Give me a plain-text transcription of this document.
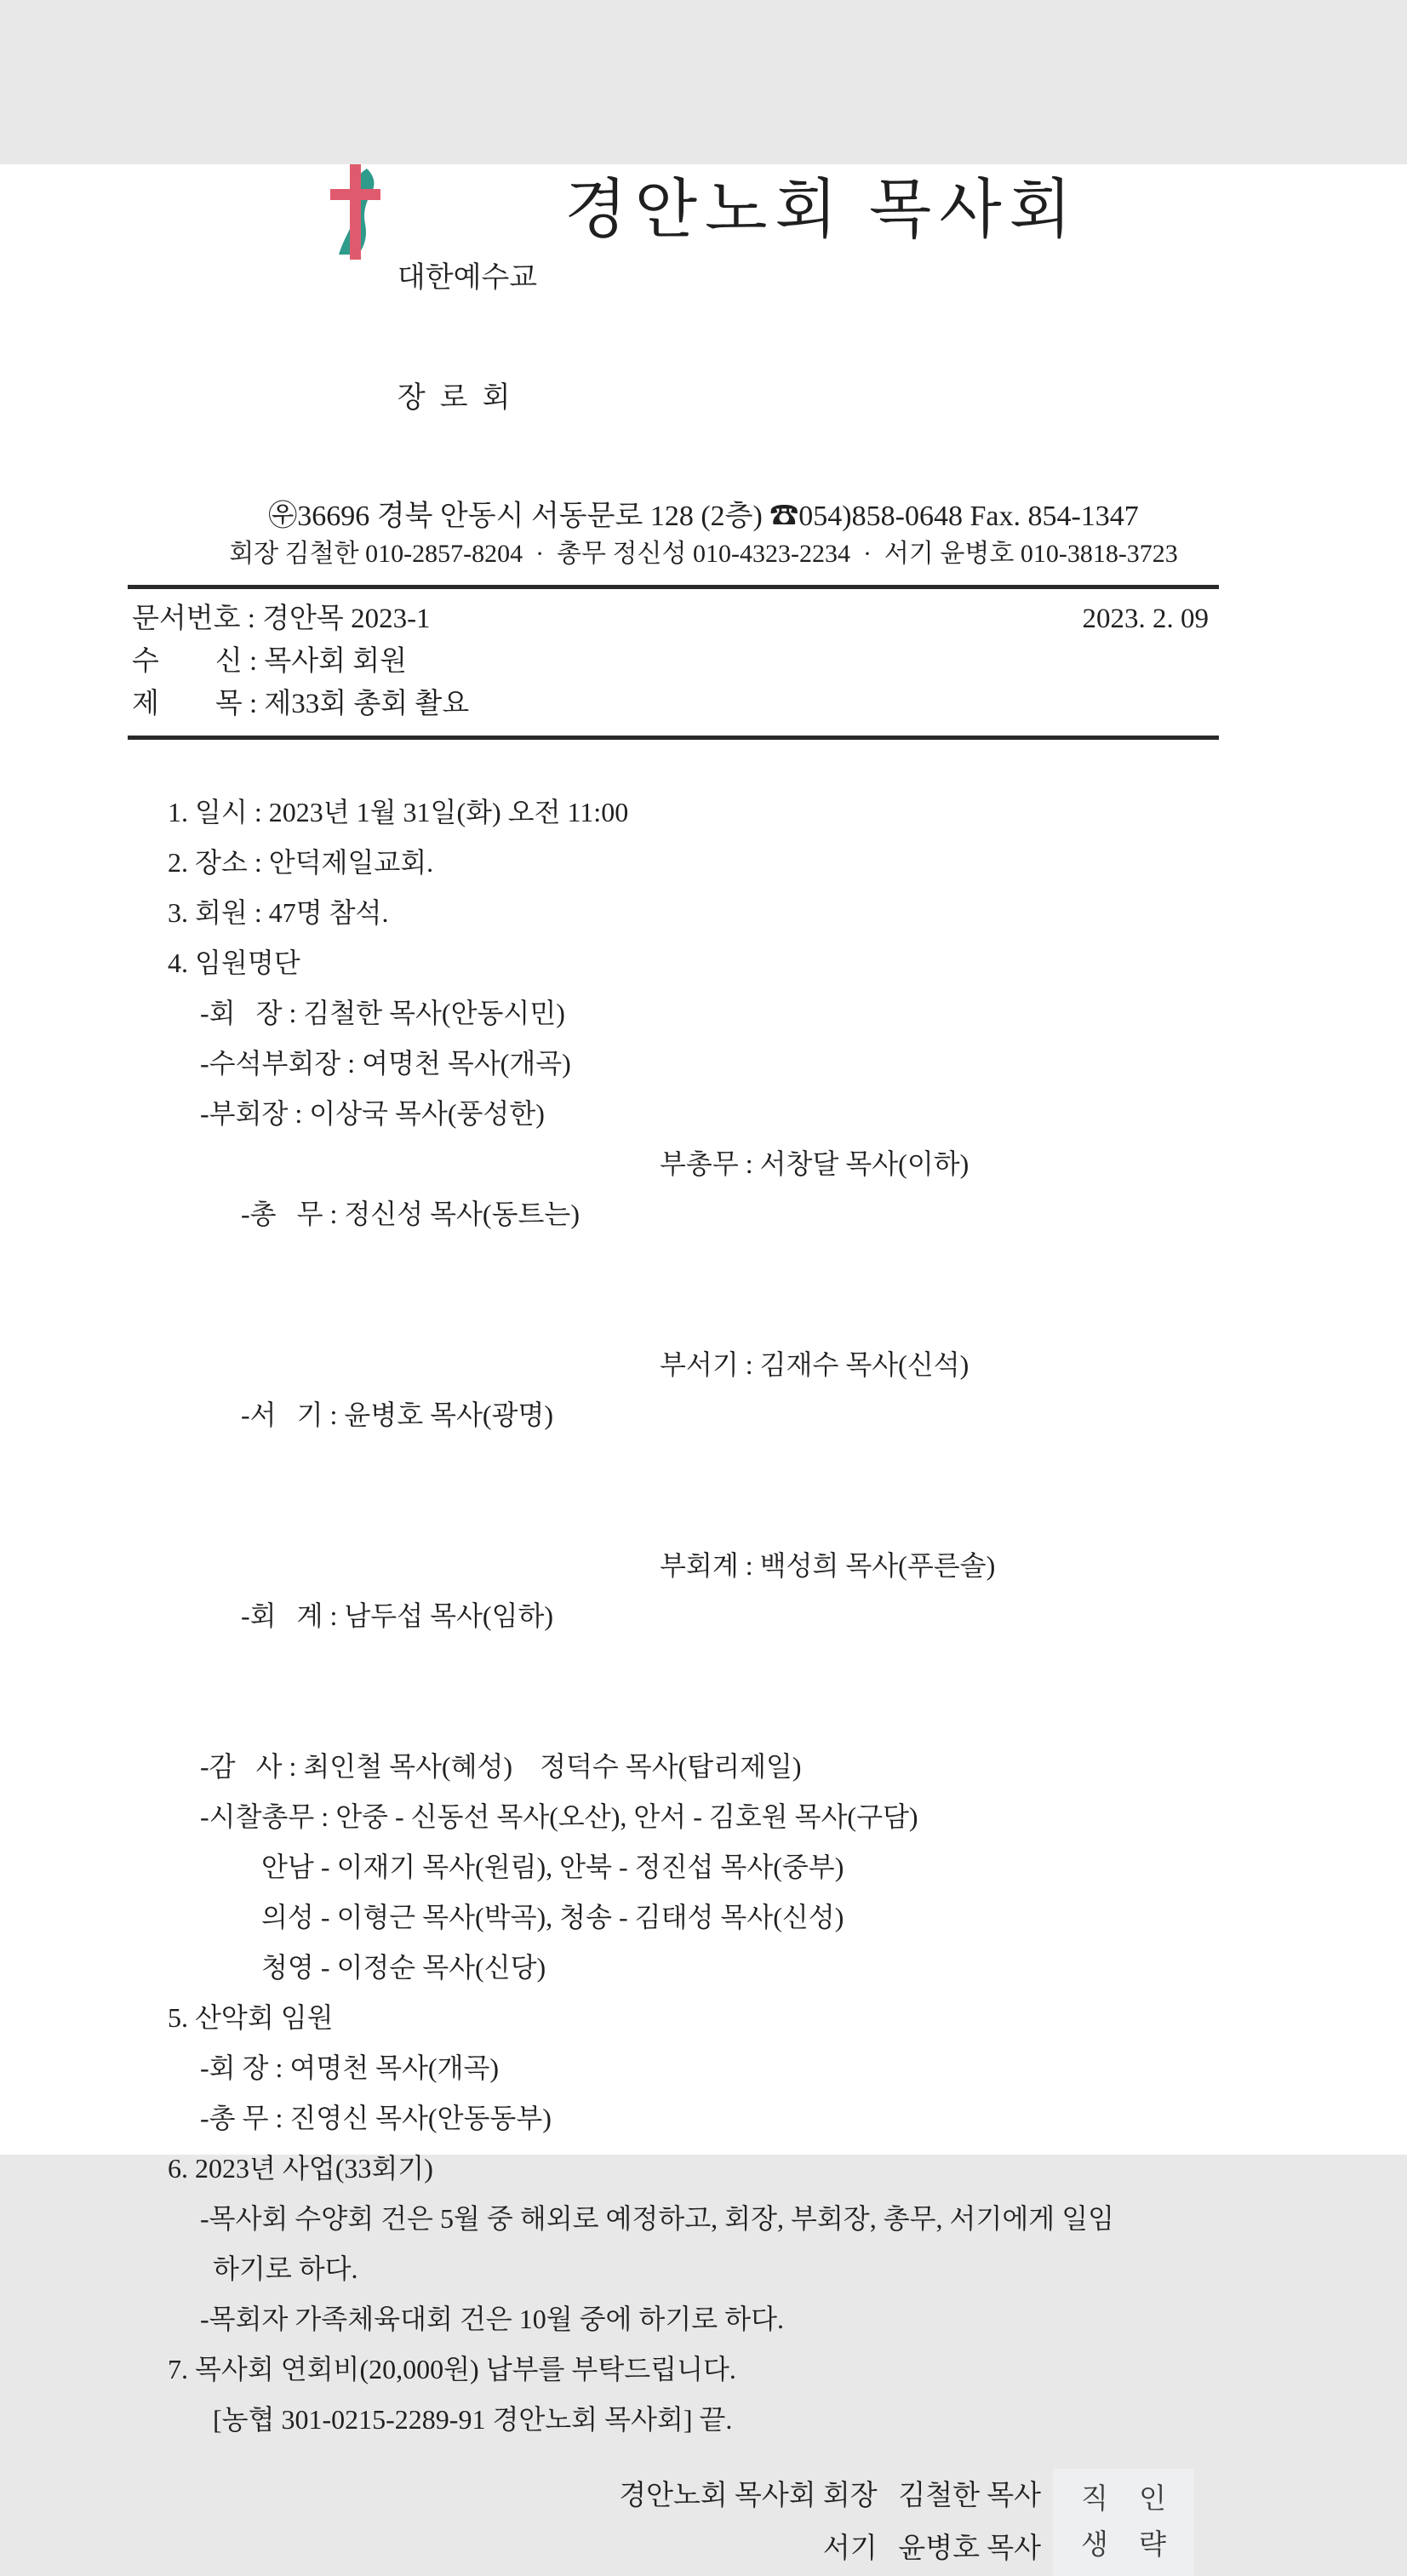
대한예수교

장  로  회

경안노회 목사회
㉾36696 경북 안동시 서동문로 128 (2층) ☎054)858-0648 Fax. 854-1347
회장 김철한 010-2857-8204  ·  총무 정신성 010-4323-2234  ·  서기 윤병호 010-3818-3723
문서번호 : 경안목 2023-1	2023. 2. 09
수        신 : 목사회 회원
제        목 : 제33회 총회 촬요
1. 일시 : 2023년 1월 31일(화) 오전 11:00
2. 장소 : 안덕제일교회.
3. 회원 : 47명 참석.
4. 임원명단
-회   장 : 김철한 목사(안동시민)
-수석부회장 : 여명천 목사(개곡)
-부회장 : 이상국 목사(풍성한)

-총   무 : 정신성 목사(동트는)

부총무 : 서창달 목사(이하)

-서   기 : 윤병호 목사(광명)

부서기 : 김재수 목사(신석)

-회   계 : 남두섭 목사(임하)

부회계 : 백성희 목사(푸른솔)

-감   사 : 최인철 목사(혜성)    정덕수 목사(탑리제일)
-시찰총무 : 안중 - 신동선 목사(오산), 안서 - 김호원 목사(구담)
안남 - 이재기 목사(원림), 안북 - 정진섭 목사(중부)
의성 - 이형근 목사(박곡), 청송 - 김태성 목사(신성)
청영 - 이정순 목사(신당)
5. 산악회 임원
-회 장 : 여명천 목사(개곡)
-총 무 : 진영신 목사(안동동부)
6. 2023년 사업(33회기)
-목사회 수양회 건은 5월 중 해외로 예정하고, 회장, 부회장, 총무, 서기에게 일임
하기로 하다.
-목회자 가족체육대회 건은 10월 중에 하기로 하다.
7. 목사회 연회비(20,000원) 납부를 부탁드립니다.
[농협 301-0215-2289-91 경안노회 목사회] 끝.
경안노회 목사회 회장   김철한 목사
서기   윤병호 목사
직 인
생 략
